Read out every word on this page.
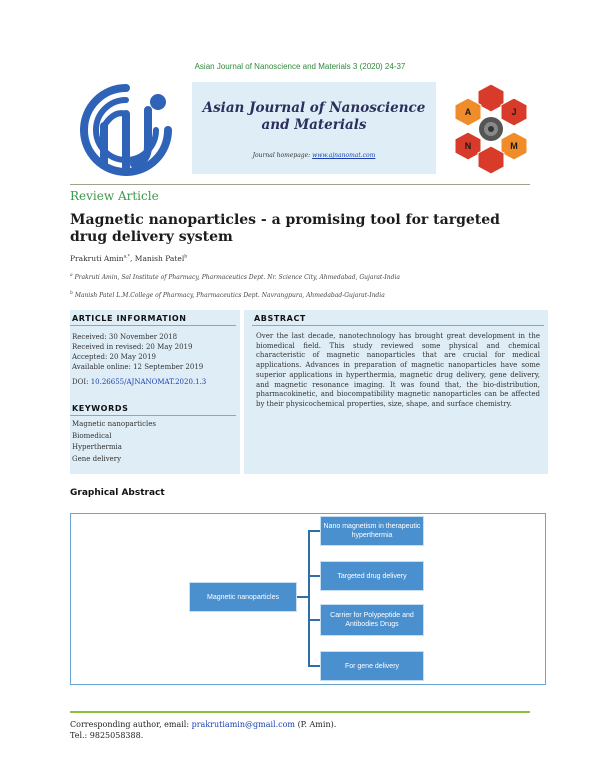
Asian Journal of Nanoscience and Materials 3 (2020) 24-37
Asian Journal of Nanoscience and Materials
Journal homepage: www.ajnanomat.com
A	J
N	M
Review Article
Magnetic nanoparticles - a promising tool for targeted drug delivery system
Prakruti Amin$^{a,*}$, Manish Patel$^b$
$^a$ Prakruti Amin, Sal Institute of Pharmacy, Pharmaceutics Dept. Nr. Science City, Ahmedabad, Gujarat-India
$^b$ Manish Patel L.M.College of Pharmacy, Pharmaceutics Dept. Navrangpura, Ahmedabad-Gujarat-India
ARTICLE INFORMATION
Received: 30 November 2018
Received in revised: 20 May 2019
Accepted: 20 May 2019
Available online: 12 September 2019
DOI: 10.26655/AJNANOMAT.2020.1.3
KEYWORDS
Magnetic nanoparticles
Biomedical
Hyperthermia
Gene delivery
ABSTRACT
Over the last decade, nanotechnology has brought great development in the biomedical field. This study reviewed some physical and chemical characteristic of magnetic nanoparticles that are crucial for medical applications. Advances in preparation of magnetic nanoparticles have some superior applications in hyperthermia, magnetic drug delivery, gene delivery, and magnetic resonance imaging. It was found that, the bio-distribution, pharmacokinetic, and biocompatibility magnetic nanoparticles can be affected by their physicochemical properties, size, shape, and surface chemistry.
Graphical Abstract
Magnetic nanoparticles
Nano magnetism in therapeutic hyperthermia
Targeted drug delivery
Carrier for Polypeptide and Antibodies Drugs
For gene delivery
Corresponding author, email: prakrutiamin@gmail.com (P. Amin).
Tel.: 9825058388.
